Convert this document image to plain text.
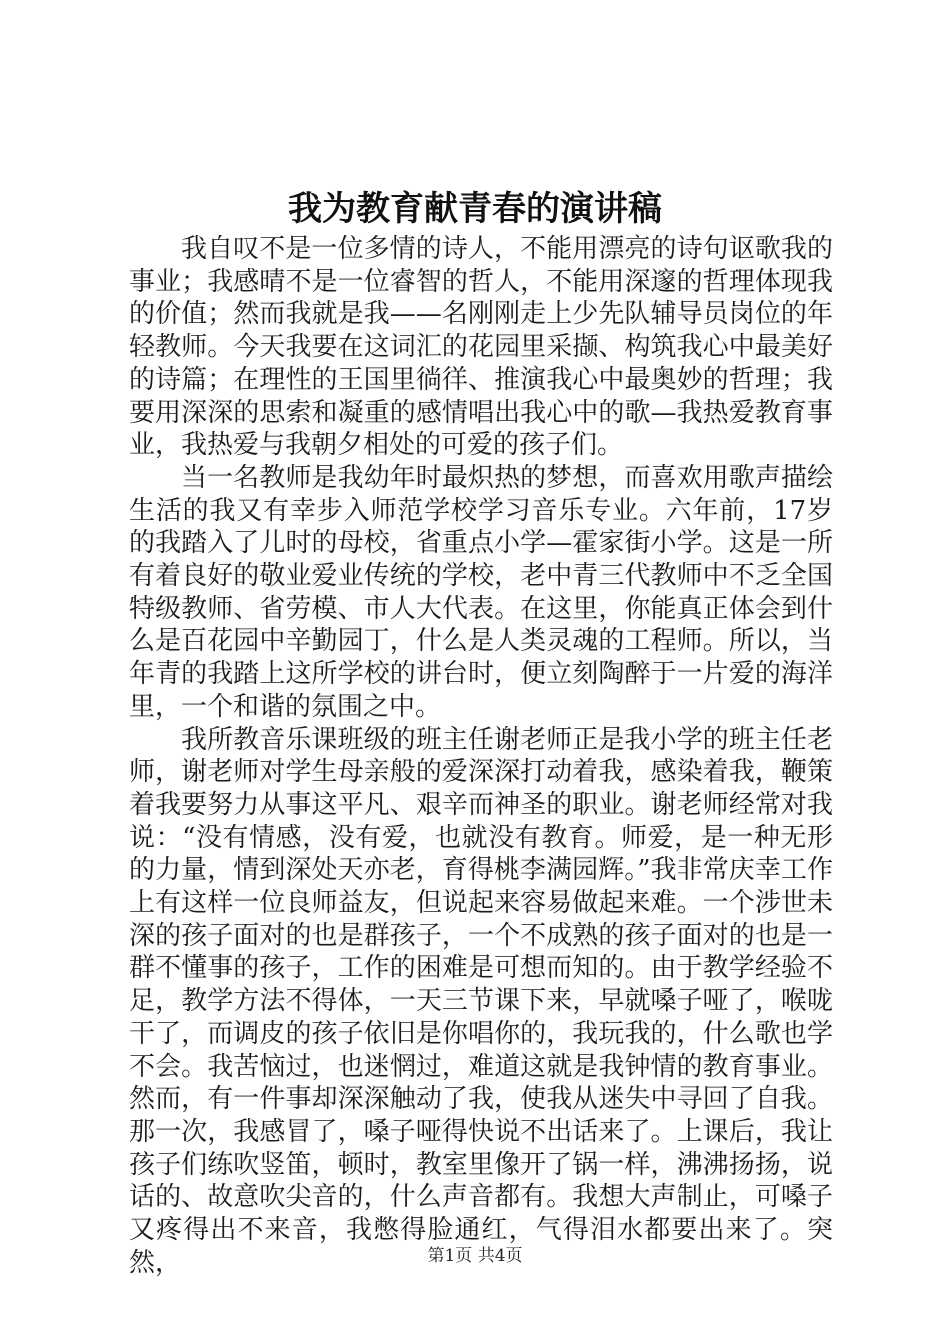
我为教育献青春的演讲稿

我自叹不是一位多情的诗人，不能用漂亮的诗句讴歌我的事业；我感晴不是一位睿智的哲人，不能用深邃的哲理体现我的价值；然而我就是我——名刚刚走上少先队辅导员岗位的年轻教师。今天我要在这词汇的花园里采撷、构筑我心中最美好的诗篇；在理性的王国里徜徉、推演我心中最奥妙的哲理；我要用深深的思索和凝重的感情唱出我心中的歌—我热爱教育事业，我热爱与我朝夕相处的可爱的孩子们。

当一名教师是我幼年时最炽热的梦想，而喜欢用歌声描绘生活的我又有幸步入师范学校学习音乐专业。六年前，17岁的我踏入了儿时的母校，省重点小学—霍家街小学。这是一所有着良好的敬业爱业传统的学校，老中青三代教师中不乏全国特级教师、省劳模、市人大代表。在这里，你能真正体会到什么是百花园中辛勤园丁，什么是人类灵魂的工程师。所以，当年青的我踏上这所学校的讲台时，便立刻陶醉于一片爱的海洋里，一个和谐的氛围之中。

我所教音乐课班级的班主任谢老师正是我小学的班主任老师，谢老师对学生母亲般的爱深深打动着我，感染着我，鞭策着我要努力从事这平凡、艰辛而神圣的职业。谢老师经常对我说：“没有情感，没有爱，也就没有教育。师爱，是一种无形的力量，情到深处天亦老，育得桃李满园辉。”我非常庆幸工作上有这样一位良师益友，但说起来容易做起来难。一个涉世未深的孩子面对的也是群孩子，一个不成熟的孩子面对的也是一群不懂事的孩子，工作的困难是可想而知的。由于教学经验不足，教学方法不得体，一天三节课下来，早就嗓子哑了，喉咙干了，而调皮的孩子依旧是你唱你的，我玩我的，什么歌也学不会。我苦恼过，也迷惘过，难道这就是我钟情的教育事业。然而，有一件事却深深触动了我，使我从迷失中寻回了自我。那一次，我感冒了，嗓子哑得快说不出话来了。上课后，我让孩子们练吹竖笛，顿时，教室里像开了锅一样，沸沸扬扬，说话的、故意吹尖音的，什么声音都有。我想大声制止，可嗓子又疼得出不来音，我憋得脸通红，气得泪水都要出来了。突然，	第1页 共4页
